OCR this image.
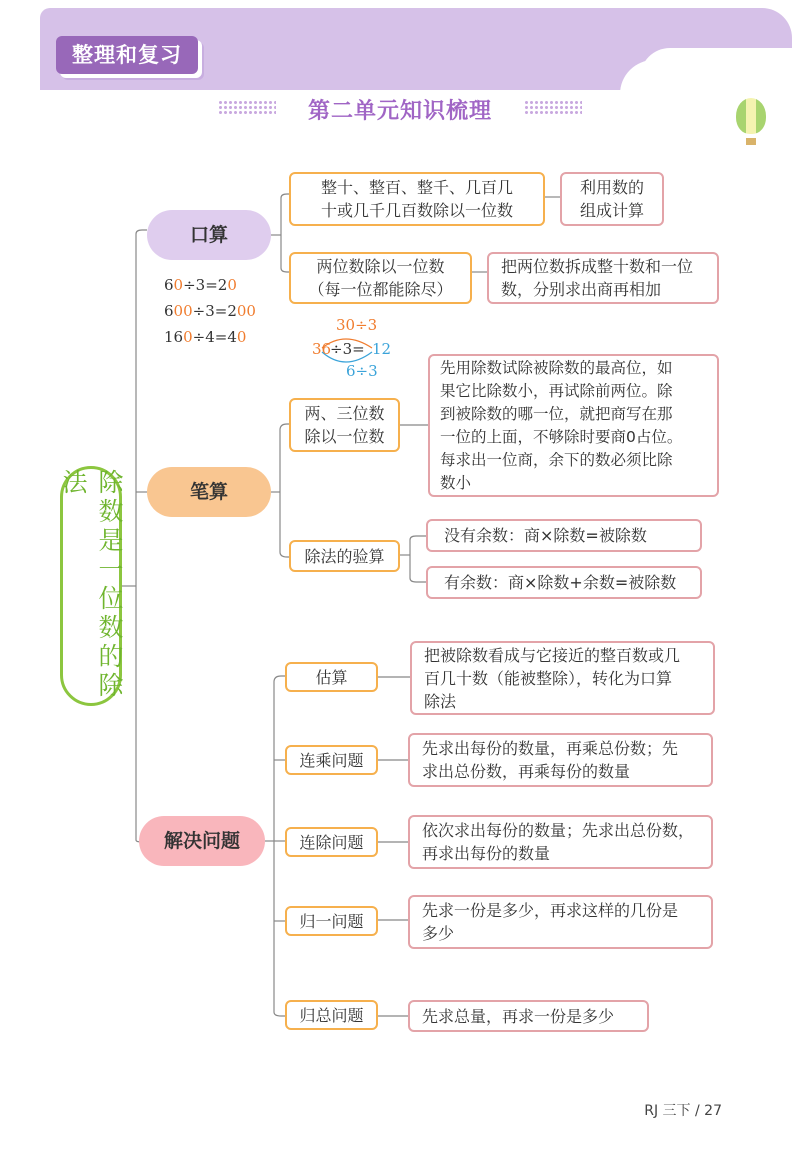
整理和复习
第二单元知识梳理
除数是一位数的除法
口算
笔算
解决问题
整十、整百、整千、几百几
十或几千几百数除以一位数
利用数的
组成计算
两位数除以一位数
（每一位都能除尽）
把两位数拆成整十数和一位
数，分别求出商再相加
60÷3=20
600÷3=200
160÷4=40
30÷3
36
÷3= 12
6÷3
两、三位数
除以一位数
先用除数试除被除数的最高位，如
果它比除数小，再试除前两位。除
到被除数的哪一位，就把商写在那
一位的上面，不够除时要商0占位。
每求出一位商，余下的数必须比除
数小
除法的验算
没有余数：商×除数=被除数
有余数：商×除数+余数=被除数
估算
把被除数看成与它接近的整百数或几
百几十数（能被整除），转化为口算
除法
连乘问题
先求出每份的数量，再乘总份数；先
求出总份数，再乘每份的数量
连除问题
依次求出每份的数量；先求出总份数，
再求出每份的数量
归一问题
先求一份是多少，再求这样的几份是
多少
归总问题	先求总量，再求一份是多少
RJ 三下 / 27
